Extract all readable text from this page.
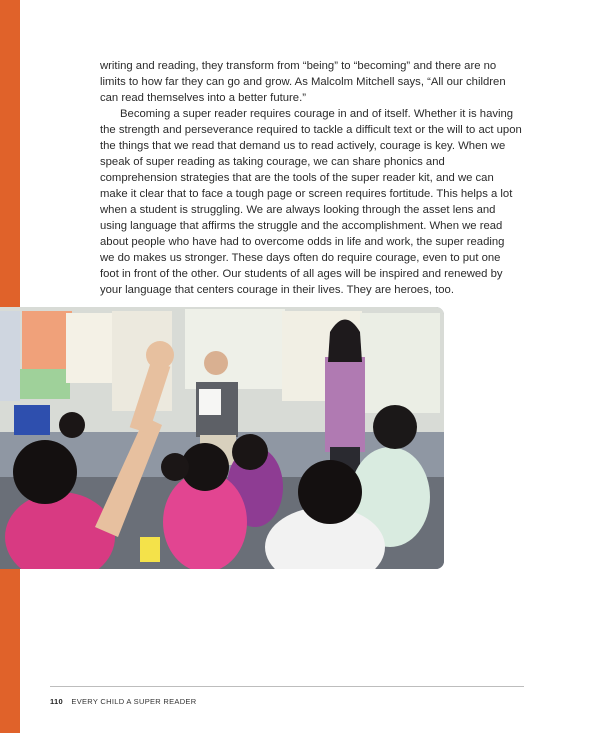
writing and reading, they transform from “being” to “becoming” and there are no limits to how far they can go and grow. As Malcolm Mitchell says, “All our children can read themselves into a better future.”

Becoming a super reader requires courage in and of itself. Whether it is having the strength and perseverance required to tackle a difficult text or the will to act upon the things that we read that demand us to read actively, courage is key. When we speak of super reading as taking courage, we can share phonics and comprehension strategies that are the tools of the super reader kit, and we can make it clear that to face a tough page or screen requires fortitude. This helps a lot when a student is struggling. We are always looking through the asset lens and using language that affirms the struggle and the accomplishment. When we read about people who have had to overcome odds in life and work, the super reading we do makes us stronger. These days often do require courage, even to put one foot in front of the other. Our students of all ages will be inspired and renewed by your language that centers courage in their lives. They are heroes, too.

110 EVERY CHILD A SUPER READER
